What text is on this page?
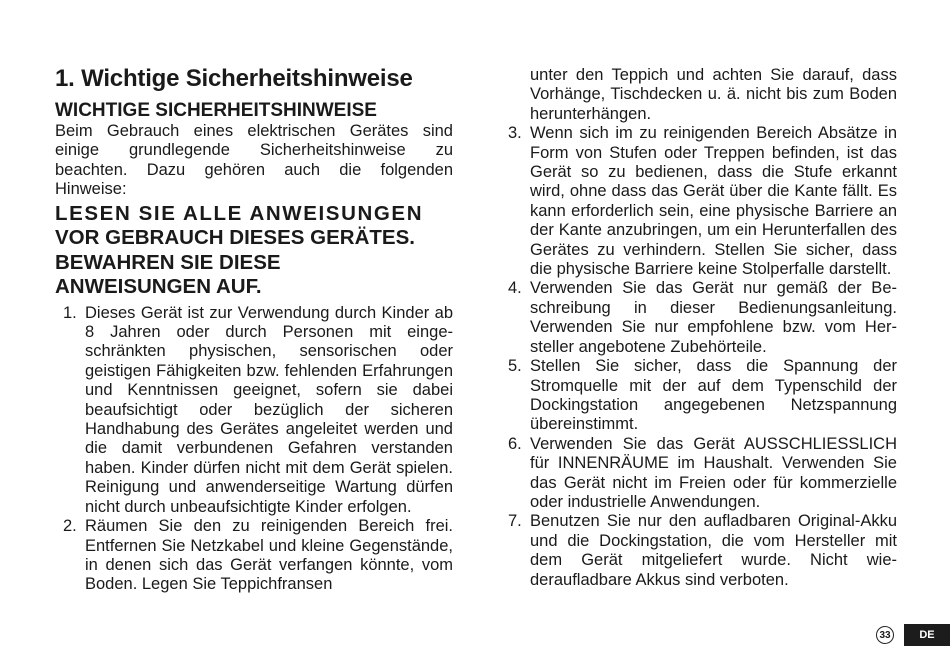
1. Wichtige Sicherheitshinweise
WICHTIGE SICHERHEITSHINWEISE

Beim Gebrauch eines elektrischen Gerätes sind einige grundlegende Sicherheitshinweise zu beachten. Dazu gehören auch die folgenden Hinweise:

LESEN SIE ALLE ANWEISUNGEN

VOR GEBRAUCH DIESES GERÄTES.

BEWAHREN SIE DIESE

ANWEISUNGEN AUF.

1. Dieses Gerät ist zur Verwendung durch Kinder ab 8 Jahren oder durch Personen mit eingeschränkten physischen, sensorischen oder geistigen Fähigkeiten bzw. fehlenden Erfahrungen und Kenntnissen geeignet, sofern sie dabei beaufsichtigt oder bezüglich der sicheren Handhabung des Gerätes angeleitet werden und die damit verbundenen Gefahren verstanden haben. Kinder dürfen nicht mit dem Gerät spielen. Reinigung und anwenderseitige Wartung dürfen nicht durch unbeaufsichtigte Kinder erfolgen.
2. Räumen Sie den zu reinigenden Bereich frei. Entfernen Sie Netzkabel und kleine Gegenstände, in denen sich das Gerät verfangen könnte, vom Boden. Legen Sie Teppichfransen

unter den Teppich und achten Sie darauf, dass Vorhänge, Tischdecken u. ä. nicht bis zum Boden herunterhängen.

3. Wenn sich im zu reinigenden Bereich Absätze in Form von Stufen oder Treppen befinden, ist das Gerät so zu bedienen, dass die Stufe erkannt wird, ohne dass das Gerät über die Kante fällt. Es kann erforderlich sein, eine physische Barriere an der Kante anzubringen, um ein Herunterfallen des Gerätes zu verhindern. Stellen Sie sicher, dass die physische Barriere keine Stolperfalle darstellt.
4. Verwenden Sie das Gerät nur gemäß der Beschreibung in dieser Bedienungsanleitung. Verwenden Sie nur empfohlene bzw. vom Hersteller angebotene Zubehörteile.
5. Stellen Sie sicher, dass die Spannung der Stromquelle mit der auf dem Typenschild der Dockingstation angegebenen Netzspannung übereinstimmt.
6. Verwenden Sie das Gerät AUSSCHLIESSLICH für INNENRÄUME im Haushalt. Verwenden Sie das Gerät nicht im Freien oder für kommerzielle oder industrielle Anwendungen.
7. Benutzen Sie nur den aufladbaren Original-Akku und die Dockingstation, die vom Hersteller mit dem Gerät mitgeliefert wurde. Nicht wiederaufladbare Akkus sind verboten.
33	DE
